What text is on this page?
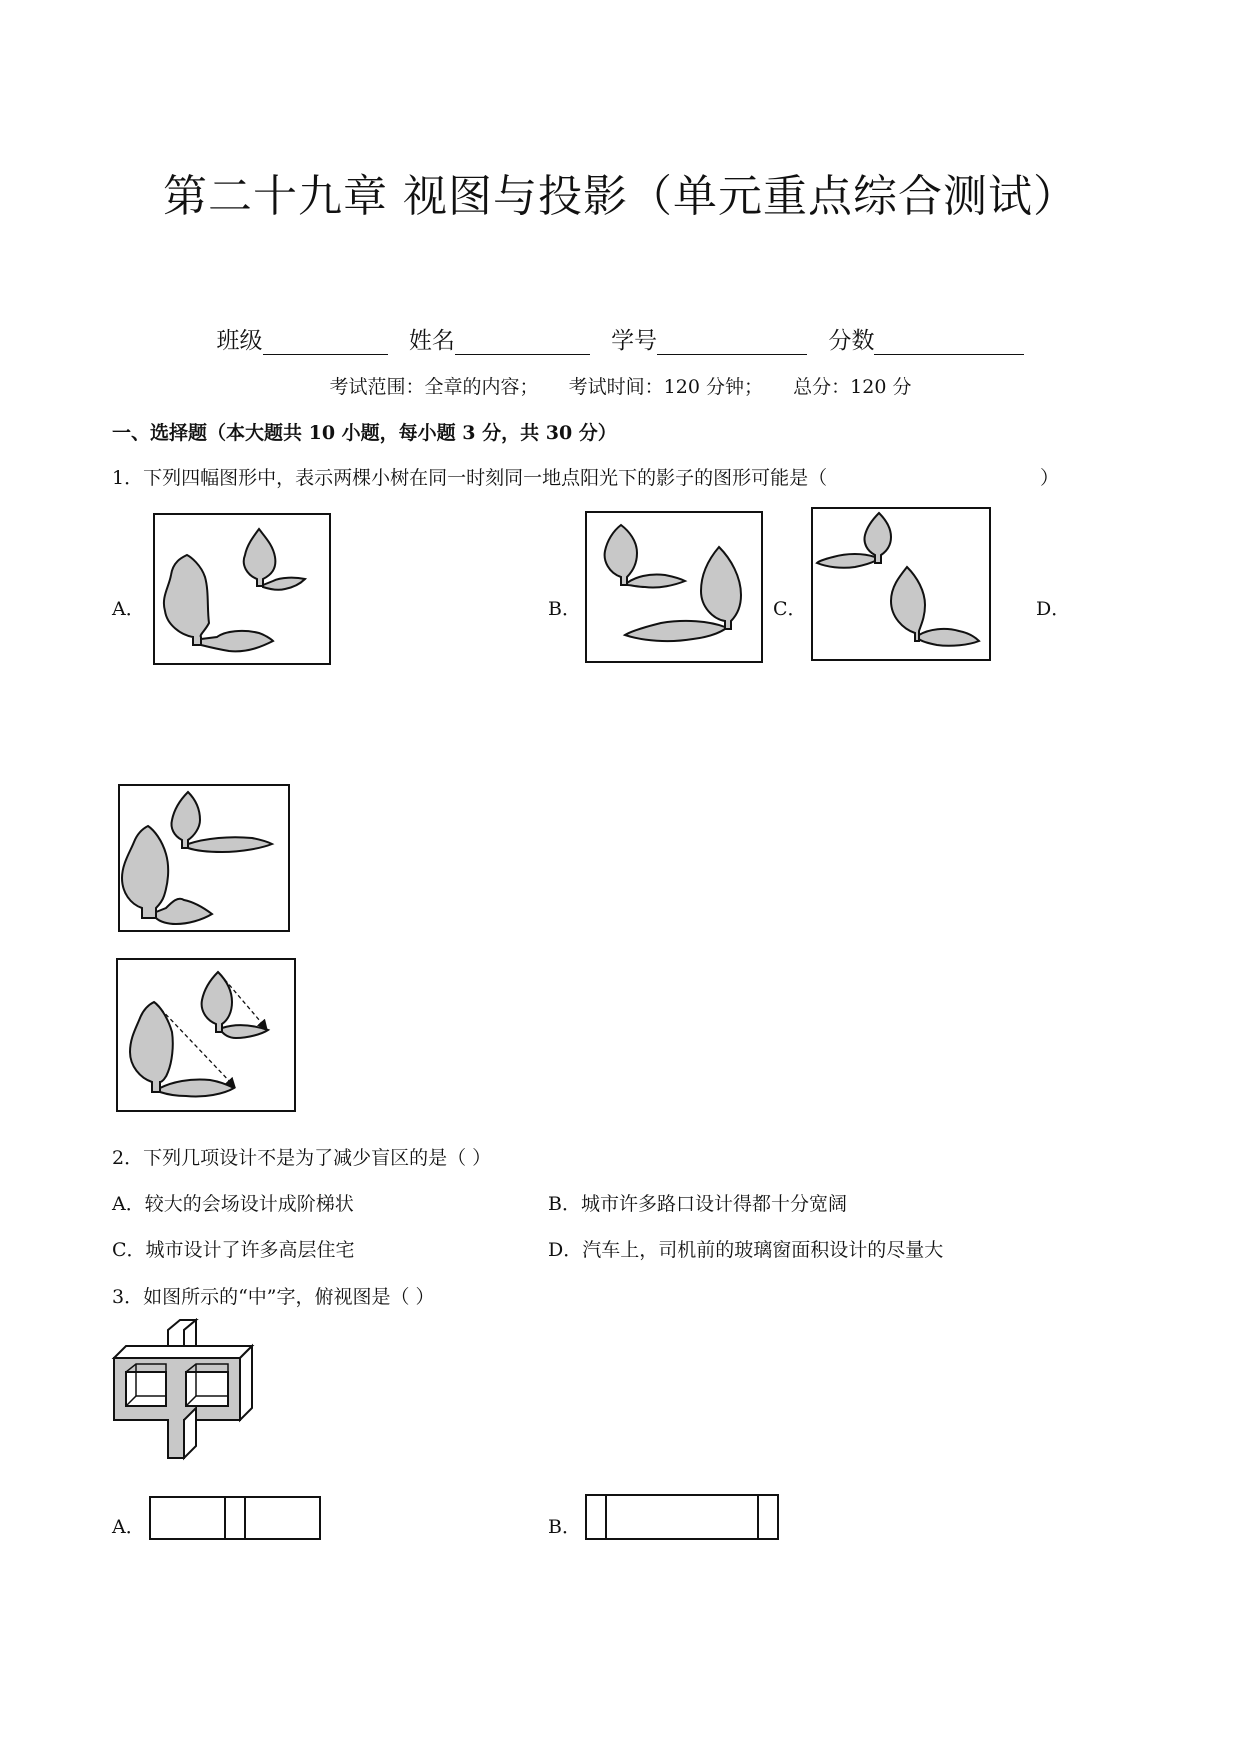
第二十九章 视图与投影（单元重点综合测试）
班级	姓名	学号	分数
考试范围：全章的内容；     考试时间：120 分钟；     总分：120 分
一、选择题（本大题共 10 小题，每小题 3 分，共 30 分）
1．下列四幅图形中，表示两棵小树在同一时刻同一地点阳光下的影子的图形可能是（	）
A．	B．	C．	D．
2．下列几项设计不是为了减少盲区的是（ ）
A．较大的会场设计成阶梯状	B．城市许多路口设计得都十分宽阔
C．城市设计了许多高层住宅	D．汽车上，司机前的玻璃窗面积设计的尽量大
3．如图所示的“中”字，俯视图是（ ）
A．	B．
